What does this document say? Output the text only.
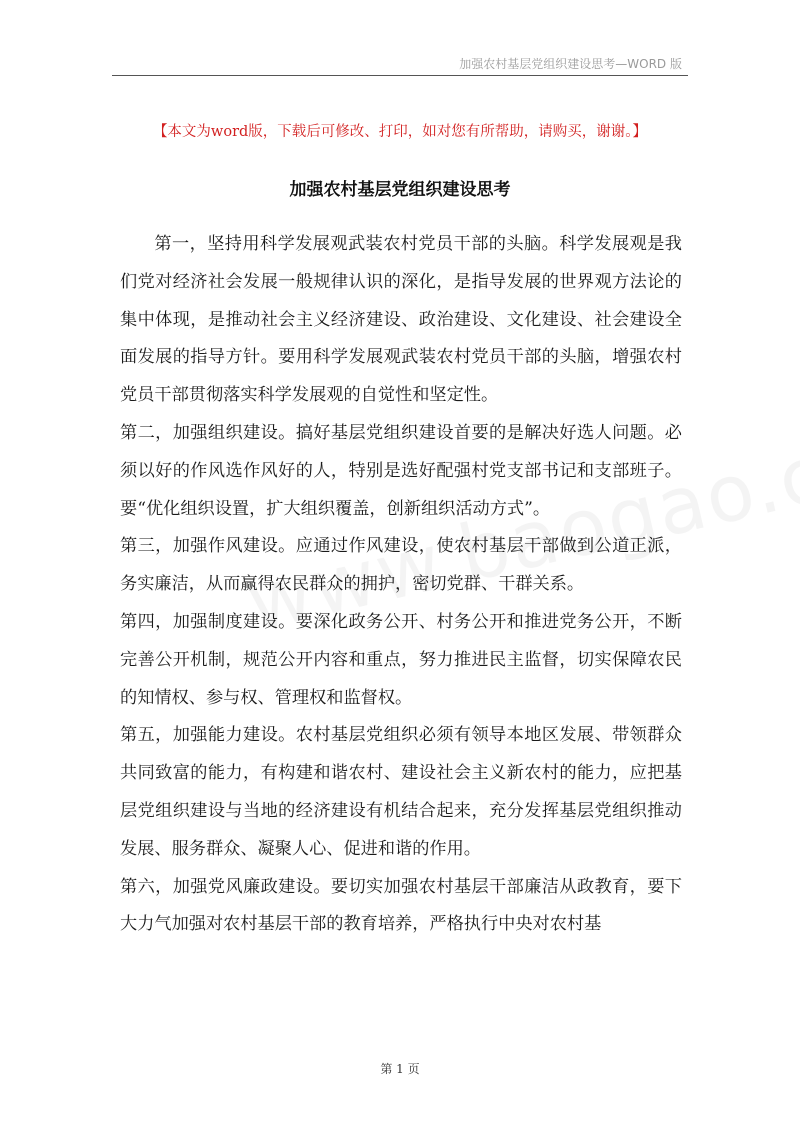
加强农村基层党组织建设思考—WORD 版
【本文为word版，下载后可修改、打印，如对您有所帮助，请购买，谢谢。】
加强农村基层党组织建设思考

第一，坚持用科学发展观武装农村党员干部的头脑。科学发展观是我们党对经济社会发展一般规律认识的深化，是指导发展的世界观方法论的集中体现，是推动社会主义经济建设、政治建设、文化建设、社会建设全面发展的指导方针。要用科学发展观武装农村党员干部的头脑，增强农村党员干部贯彻落实科学发展观的自觉性和坚定性。

第二，加强组织建设。搞好基层党组织建设首要的是解决好选人问题。必须以好的作风选作风好的人，特别是选好配强村党支部书记和支部班子。要“优化组织设置，扩大组织覆盖，创新组织活动方式”。

第三，加强作风建设。应通过作风建设，使农村基层干部做到公道正派，务实廉洁，从而赢得农民群众的拥护，密切党群、干群关系。

第四，加强制度建设。要深化政务公开、村务公开和推进党务公开，不断完善公开机制，规范公开内容和重点，努力推进民主监督，切实保障农民的知情权、参与权、管理权和监督权。

第五，加强能力建设。农村基层党组织必须有领导本地区发展、带领群众共同致富的能力，有构建和谐农村、建设社会主义新农村的能力，应把基层党组织建设与当地的经济建设有机结合起来，充分发挥基层党组织推动发展、服务群众、凝聚人心、促进和谐的作用。

第六，加强党风廉政建设。要切实加强农村基层干部廉洁从政教育，要下大力气加强对农村基层干部的教育培养，严格执行中央对农村基

第 1 页
